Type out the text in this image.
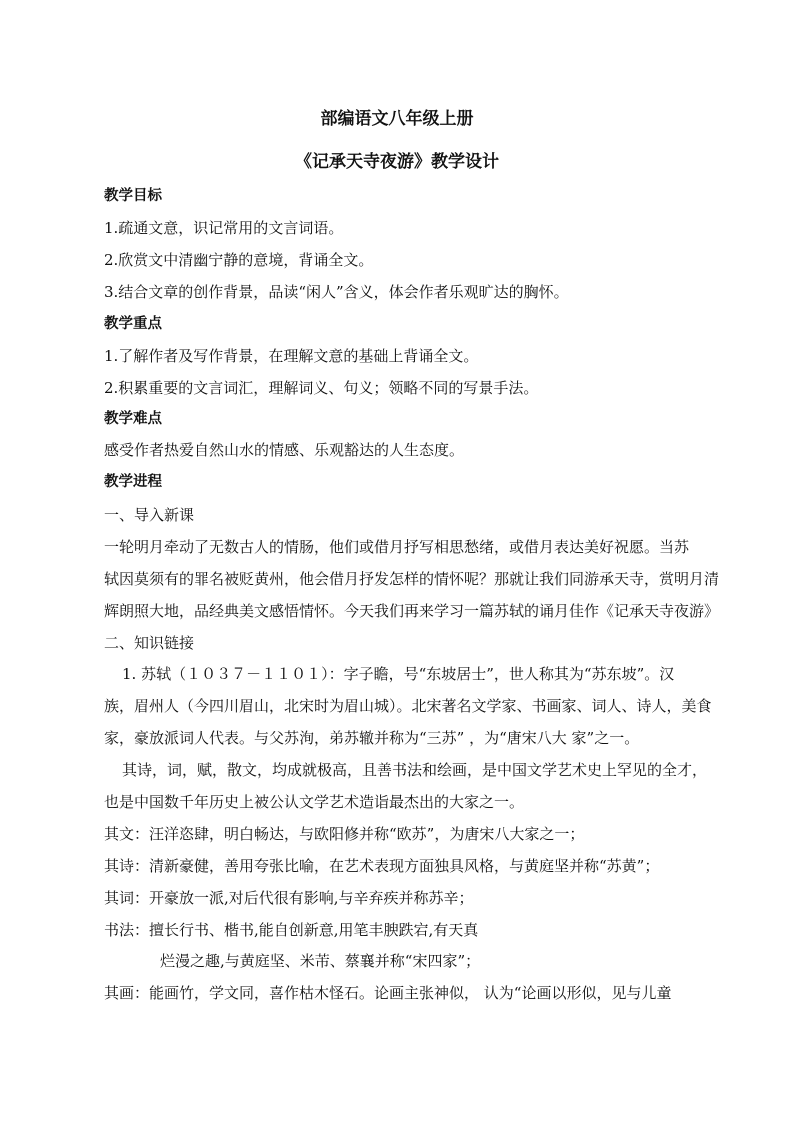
部编语文八年级上册
《记承天寺夜游》教学设计
教学目标
1.疏通文意，识记常用的文言词语。
2.欣赏文中清幽宁静的意境，背诵全文。
3.结合文章的创作背景，品读“闲人”含义，体会作者乐观旷达的胸怀。
教学重点
1.了解作者及写作背景，在理解文意的基础上背诵全文。
2.积累重要的文言词汇，理解词义、句义；领略不同的写景手法。
教学难点
感受作者热爱自然山水的情感、乐观豁达的人生态度。
教学进程
一、导入新课
一轮明月牵动了无数古人的情肠，他们或借月抒写相思愁绪，或借月表达美好祝愿。当苏
轼因莫须有的罪名被贬黄州，他会借月抒发怎样的情怀呢？那就让我们同游承天寺，赏明月清
辉朗照大地，品经典美文感悟情怀。今天我们再来学习一篇苏轼的诵月佳作《记承天寺夜游》
二、知识链接
1. 苏轼（１０３７－１１０１）：字子瞻，号“东坡居士”，世人称其为“苏东坡”。汉
族，眉州人（今四川眉山，北宋时为眉山城）。北宋著名文学家、书画家、词人、诗人，美食
家，豪放派词人代表。与父苏洵，弟苏辙并称为“三苏” ，为“唐宋八大 家”之一。
其诗，词，赋，散文，均成就极高，且善书法和绘画，是中国文学艺术史上罕见的全才，
也是中国数千年历史上被公认文学艺术造诣最杰出的大家之一。
其文：汪洋恣肆，明白畅达，与欧阳修并称“欧苏”，为唐宋八大家之一；
其诗：清新豪健，善用夸张比喻，在艺术表现方面独具风格，与黄庭坚并称“苏黄”；
其词：开豪放一派,对后代很有影响,与辛弃疾并称苏辛；
书法：擅长行书、楷书,能自创新意,用笔丰腴跌宕,有天真
烂漫之趣,与黄庭坚、米芾、蔡襄并称“宋四家”；
其画：能画竹，学文同，喜作枯木怪石。论画主张神似， 认为“论画以形似，见与儿童
